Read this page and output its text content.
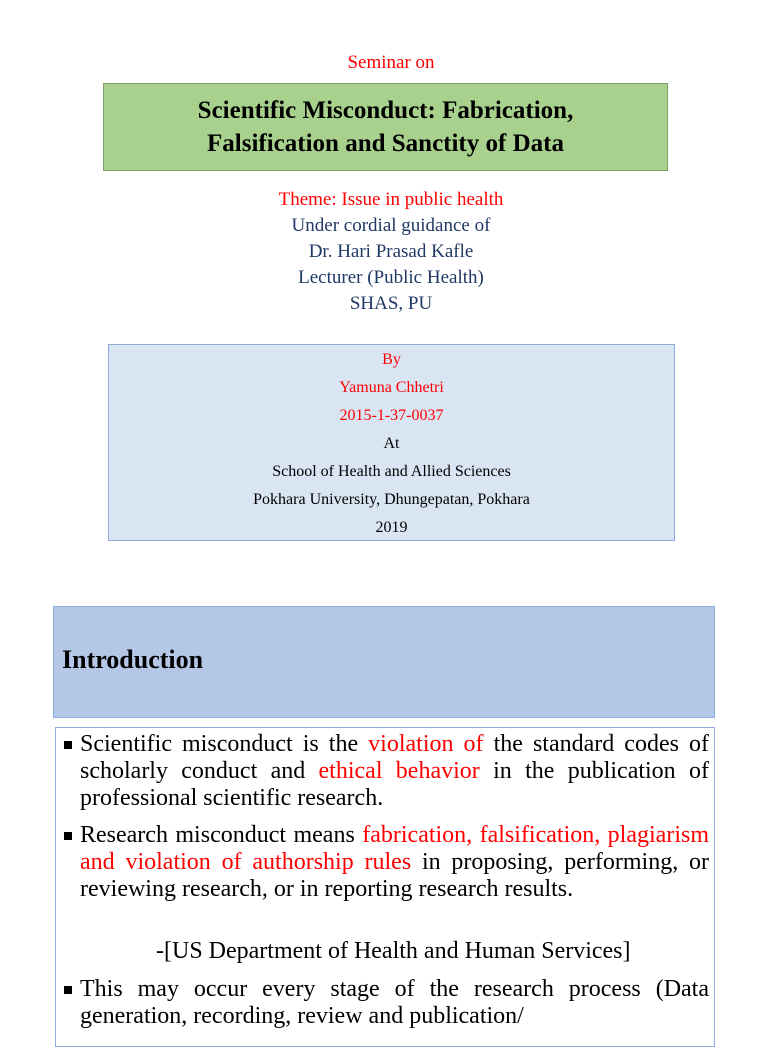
Seminar on
Scientific Misconduct: Fabrication,
Falsification and Sanctity of Data
Theme: Issue in public health
Under cordial guidance of
Dr. Hari Prasad Kafle
Lecturer (Public Health)
SHAS, PU
By
Yamuna Chhetri
2015-1-37-0037
At
School of Health and Allied Sciences
Pokhara University, Dhungepatan, Pokhara
2019
Introduction
Scientific misconduct is the violation of the standard codes of scholarly conduct and ethical behavior in the publication of professional scientific research.
Research misconduct means fabrication, falsification, plagiarism and violation of authorship rules in proposing, performing, or reviewing research, or in reporting research results.
-[US Department of Health and Human Services]
This may occur every stage of the research process (Data generation, recording, review and publication/
